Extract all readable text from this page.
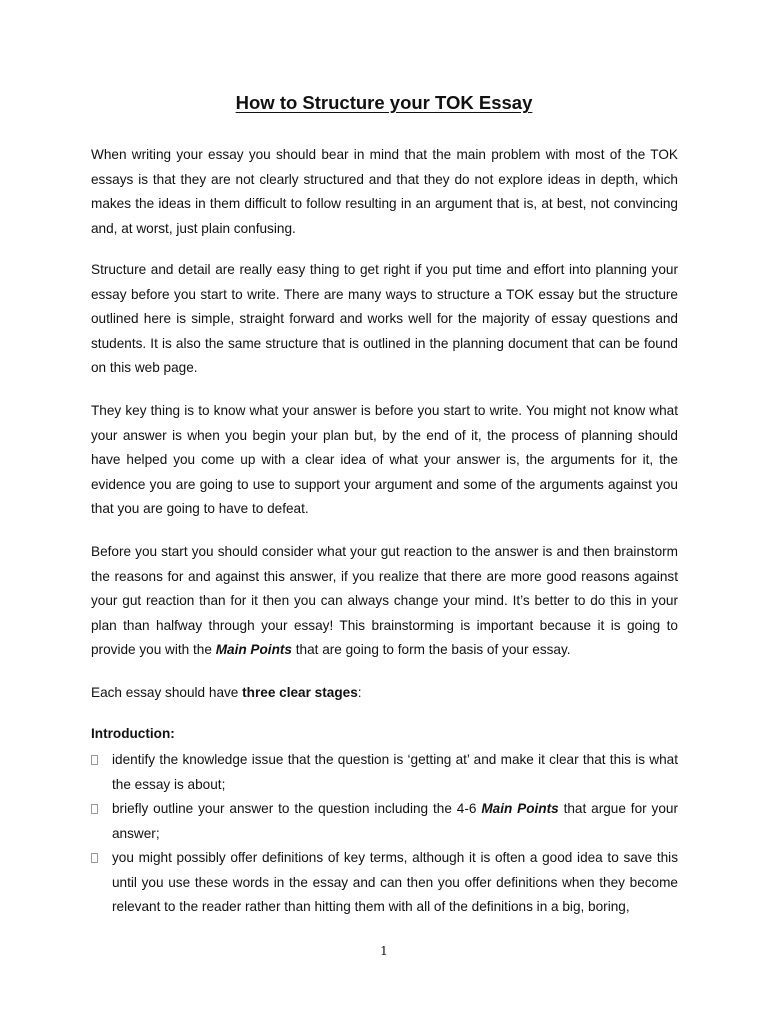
How to Structure your TOK Essay

When writing your essay you should bear in mind that the main problem with most of the TOK essays is that they are not clearly structured and that they do not explore ideas in depth, which makes the ideas in them difficult to follow resulting in an argument that is, at best, not convincing and, at worst, just plain confusing.

Structure and detail are really easy thing to get right if you put time and effort into planning your essay before you start to write. There are many ways to structure a TOK essay but the structure outlined here is simple, straight forward and works well for the majority of essay questions and students. It is also the same structure that is outlined in the planning document that can be found on this web page.

They key thing is to know what your answer is before you start to write. You might not know what your answer is when you begin your plan but, by the end of it, the process of planning should have helped you come up with a clear idea of what your answer is, the arguments for it, the evidence you are going to use to support your argument and some of the arguments against you that you are going to have to defeat.

Before you start you should consider what your gut reaction to the answer is and then brainstorm the reasons for and against this answer, if you realize that there are more good reasons against your gut reaction than for it then you can always change your mind. It’s better to do this in your plan than halfway through your essay! This brainstorming is important because it is going to provide you with the Main Points that are going to form the basis of your essay.

Each essay should have three clear stages:

Introduction:
identify the knowledge issue that the question is ‘getting at’ and make it clear that this is what the essay is about;
briefly outline your answer to the question including the 4-6 Main Points that argue for your answer;
you might possibly offer definitions of key terms, although it is often a good idea to save this until you use these words in the essay and can then you offer definitions when they become relevant to the reader rather than hitting them with all of the definitions in a big, boring,

1
